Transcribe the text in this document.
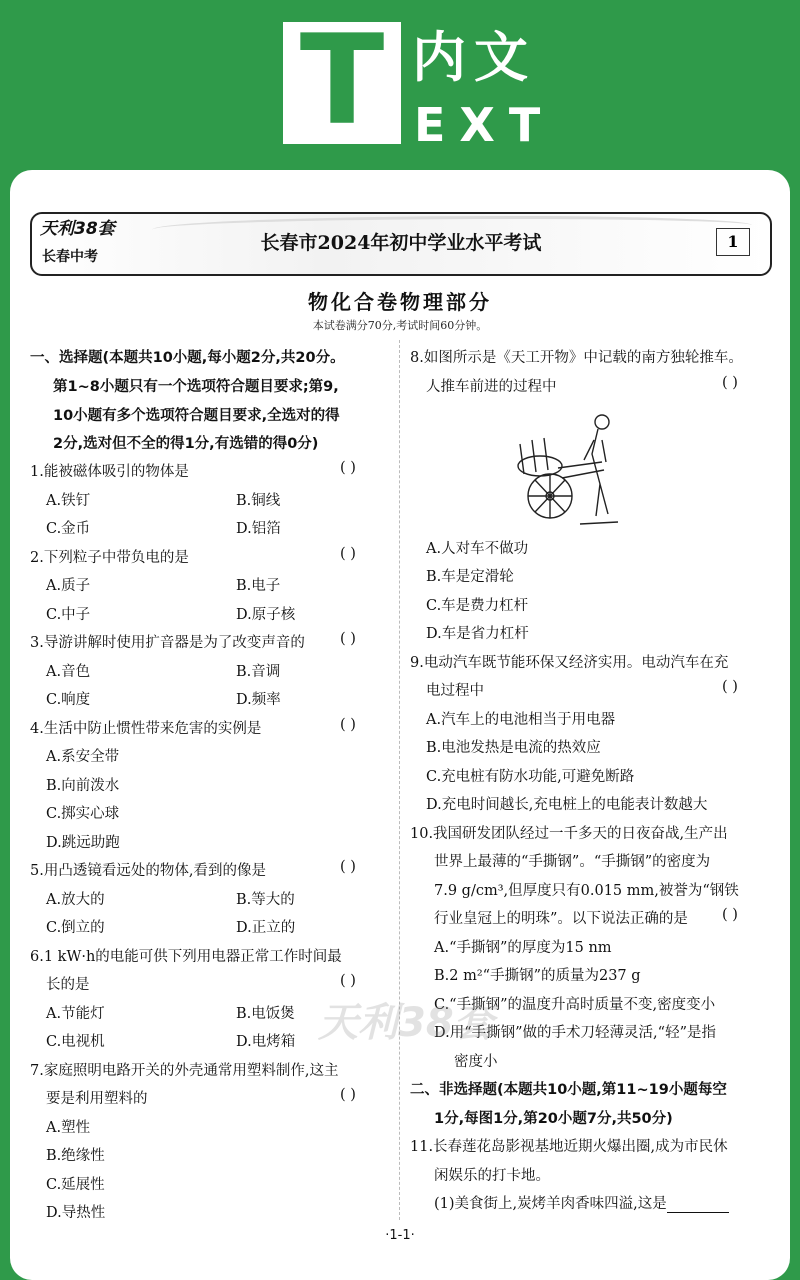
T 内文
EXT
天利38套
长春中考
长春市2024年初中学业水平考试	1
物化合卷物理部分
本试卷满分70分,考试时间60分钟。
一、选择题(本题共10小题,每小题2分,共20分。
第1~8小题只有一个选项符合题目要求;第9,
10小题有多个选项符合题目要求,全选对的得
2分,选对但不全的得1分,有选错的得0分)
1.能被磁体吸引的物体是	( )
A.铁钉	B.铜线
C.金币	D.铝箔
2.下列粒子中带负电的是	( )
A.质子	B.电子
C.中子	D.原子核
3.导游讲解时使用扩音器是为了改变声音的 ( )
A.音色	B.音调
C.响度	D.频率
4.生活中防止惯性带来危害的实例是	( )
A.系安全带
B.向前泼水
C.掷实心球
D.跳远助跑
5.用凸透镜看远处的物体,看到的像是	( )
A.放大的	B.等大的
C.倒立的	D.正立的
6.1 kW·h的电能可供下列用电器正常工作时间最
长的是	( )
A.节能灯	B.电饭煲
C.电视机	D.电烤箱
7.家庭照明电路开关的外壳通常用塑料制作,这主
要是利用塑料的	( )
A.塑性
B.绝缘性
C.延展性
D.导热性
8.如图所示是《天工开物》中记载的南方独轮推车。
人推车前进的过程中	( )
A.人对车不做功
B.车是定滑轮
C.车是费力杠杆
D.车是省力杠杆
9.电动汽车既节能环保又经济实用。电动汽车在充
电过程中	( )
A.汽车上的电池相当于用电器
B.电池发热是电流的热效应
C.充电桩有防水功能,可避免断路
D.充电时间越长,充电桩上的电能表计数越大
10.我国研发团队经过一千多天的日夜奋战,生产出
世界上最薄的“手撕钢”。“手撕钢”的密度为
7.9 g/cm³,但厚度只有0.015 mm,被誉为“钢铁
行业皇冠上的明珠”。以下说法正确的是 ( )
A.“手撕钢”的厚度为15 nm
B.2 m²“手撕钢”的质量为237 g
C.“手撕钢”的温度升高时质量不变,密度变小
D.用“手撕钢”做的手术刀轻薄灵活,“轻”是指
密度小
二、非选择题(本题共10小题,第11~19小题每空
1分,每图1分,第20小题7分,共50分)
11.长春莲花岛影视基地近期火爆出圈,成为市民休
闲娱乐的打卡地。
(1)美食街上,炭烤羊肉香味四溢,这是
天利38套
·1-1·
